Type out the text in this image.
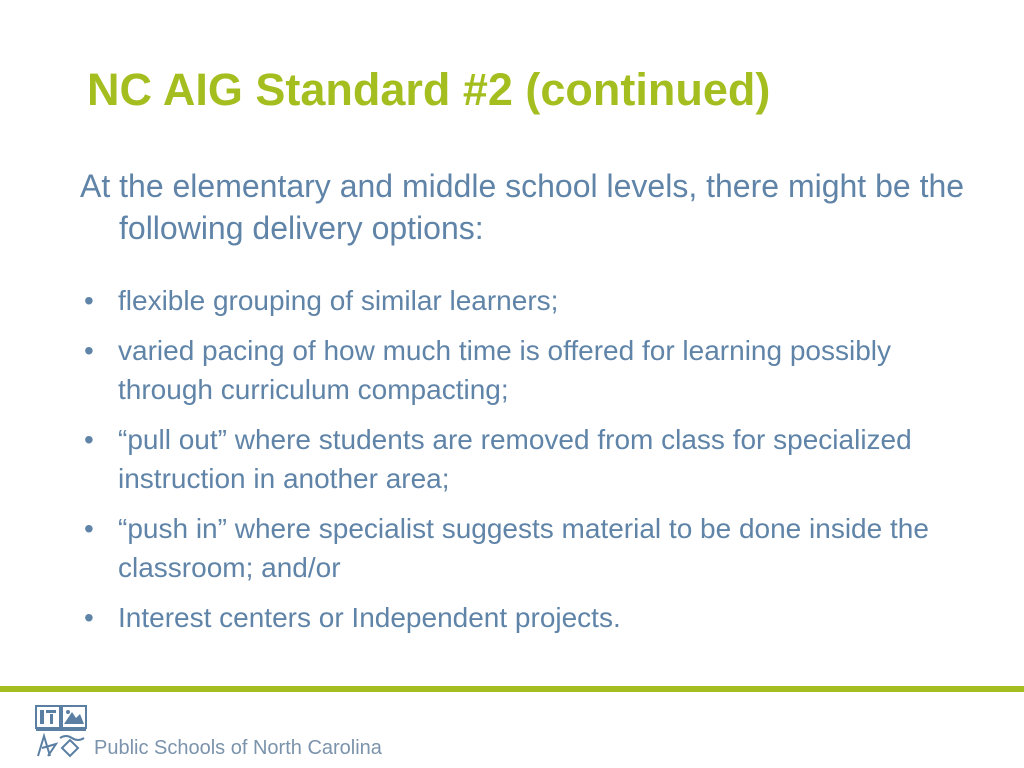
NC AIG Standard #2 (continued)

At the elementary and middle school levels, there might be the following delivery options:

• flexible grouping of similar learners;
• varied pacing of how much time is offered for learning possibly through curriculum compacting;
• “pull out” where students are removed from class for specialized instruction in another area;
• “push in” where specialist suggests material to be done inside the classroom; and/or
• Interest centers or Independent projects.
Public Schools of North Carolina
